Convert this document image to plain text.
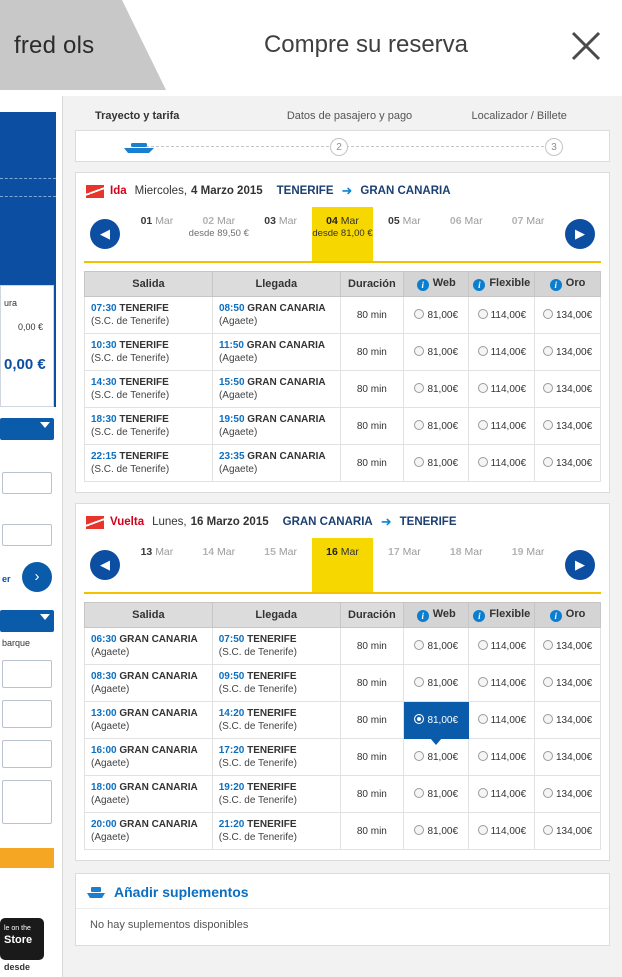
ura
0,00 €
0,00 €
er	›
barque
le on the
Store
desde
fred ols	Compre su reserva
Trayecto y tarifa	Datos de pasajero y pago	Localizador / Billete
2	3
Ida Miercoles, 4 Marzo 2015 TENERIFE ➜ GRAN CANARIA
◀
01 Mar	02 Mar
desde 89,50 €
03 Mar	04 Mar
desde 81,00 €
05 Mar	06 Mar	07 Mar
▶
Salida	Llegada	Duración	i Web	i Flexible	i Oro
07:30 TENERIFE
(S.C. de Tenerife)	08:50 GRAN CANARIA
(Agaete)	80 min	81,00€	114,00€	134,00€
10:30 TENERIFE
(S.C. de Tenerife)	11:50 GRAN CANARIA
(Agaete)	80 min	81,00€	114,00€	134,00€
14:30 TENERIFE
(S.C. de Tenerife)	15:50 GRAN CANARIA
(Agaete)	80 min	81,00€	114,00€	134,00€
18:30 TENERIFE
(S.C. de Tenerife)	19:50 GRAN CANARIA
(Agaete)	80 min	81,00€	114,00€	134,00€
22:15 TENERIFE
(S.C. de Tenerife)	23:35 GRAN CANARIA
(Agaete)	80 min	81,00€	114,00€	134,00€
Vuelta Lunes, 16 Marzo 2015 GRAN CANARIA ➜ TENERIFE
◀
13 Mar	14 Mar	15 Mar	16 Mar	17 Mar	18 Mar	19 Mar
▶
Salida	Llegada	Duración	i Web	i Flexible	i Oro
06:30 GRAN CANARIA
(Agaete)	07:50 TENERIFE
(S.C. de Tenerife)	80 min	81,00€	114,00€	134,00€
08:30 GRAN CANARIA
(Agaete)	09:50 TENERIFE
(S.C. de Tenerife)	80 min	81,00€	114,00€	134,00€
13:00 GRAN CANARIA
(Agaete)	14:20 TENERIFE
(S.C. de Tenerife)	80 min	81,00€	114,00€	134,00€
16:00 GRAN CANARIA
(Agaete)	17:20 TENERIFE
(S.C. de Tenerife)	80 min	81,00€	114,00€	134,00€
18:00 GRAN CANARIA
(Agaete)	19:20 TENERIFE
(S.C. de Tenerife)	80 min	81,00€	114,00€	134,00€
20:00 GRAN CANARIA
(Agaete)	21:20 TENERIFE
(S.C. de Tenerife)	80 min	81,00€	114,00€	134,00€
Añadir suplementos
No hay suplementos disponibles
